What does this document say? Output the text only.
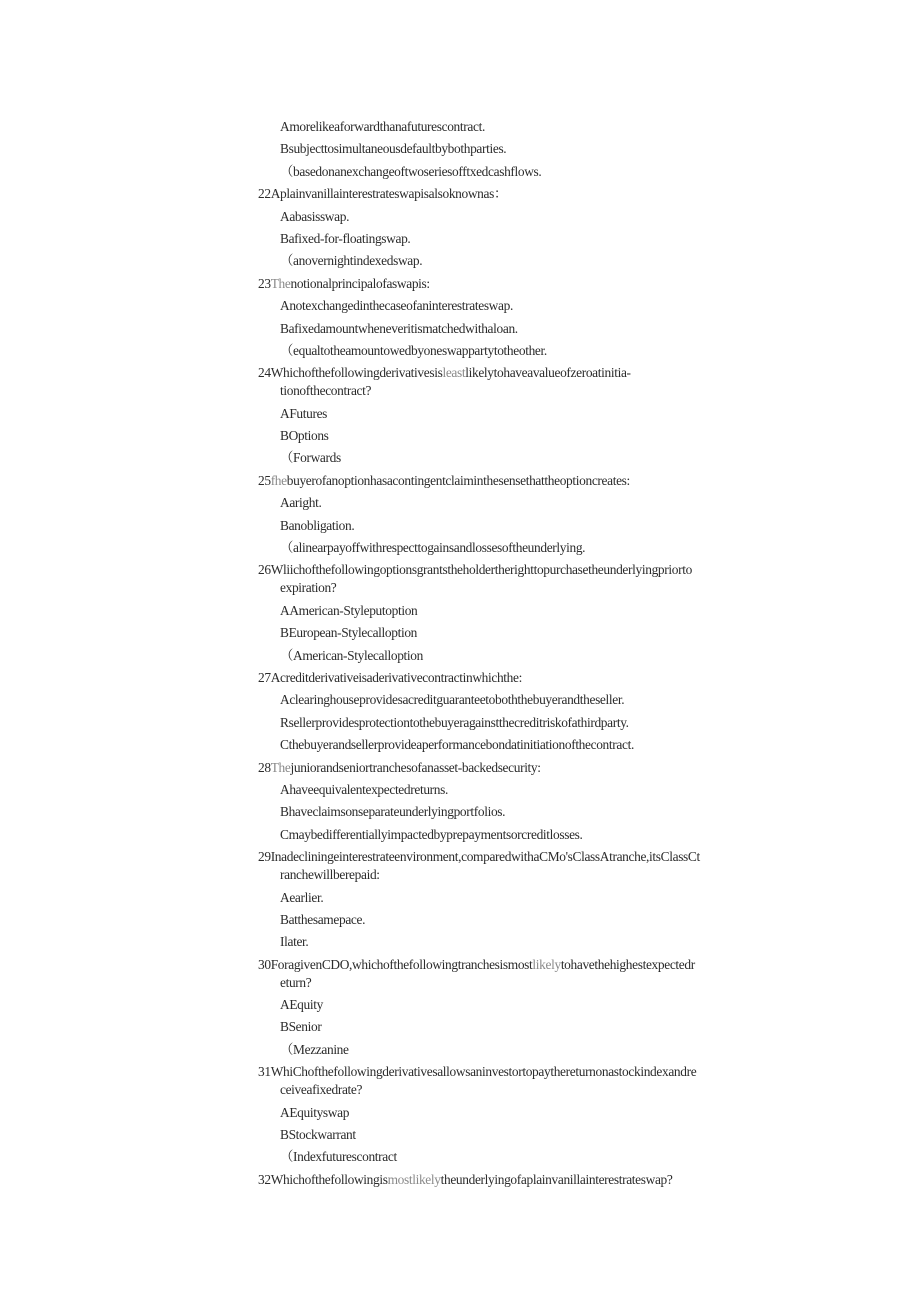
Amorelikeaforwardthanafuturescontract.

Bsubjecttosimultaneousdefaultbybothparties.

（basedonanexchangeoftwoseriesofftxedcashflows.

22Aplainvanillainterestrateswapisalsoknownas：

Aabasisswap.

Bafixed-for-floatingswap.

（anovernightindexedswap.

23Thenotionalprincipalofaswapis:

Anotexchangedinthecaseofaninterestrateswap.

Bafixedamountwheneveritismatchedwithaloan.

（equaltotheamountowedbyoneswappartytotheother.

24Whichofthefollowingderivativesisleastlikelytohaveavalueofzeroatinitia-
tionofthecontract?

AFutures

BOptions

（Forwards

25fhebuyerofanoptionhasacontingentclaiminthesensethattheoptioncreates:

Aaright.

Banobligation.

（alinearpayoffwithrespecttogainsandlossesoftheunderlying.

26Wliichofthefollowingoptionsgrantstheholdertherighttopurchasetheunderlyingpriorto
expiration?

AAmerican-Styleputoption

BEuropean-Stylecalloption

（American-Stylecalloption

27Acreditderivativeisaderivativecontractinwhichthe:

Aclearinghouseprovidesacreditguaranteetoboththebuyerandtheseller.

Rsellerprovidesprotectiontothebuyeragainstthecreditriskofathirdparty.

Cthebuyerandsellerprovideaperformancebondatinitiationofthecontract.

28Thejuniorandseniortranchesofanasset-backedsecurity:

Ahaveequivalentexpectedreturns.

Bhaveclaimsonseparateunderlyingportfolios.

Cmaybedifferentiallyimpactedbyprepaymentsorcreditlosses.

29Inadecliningeinterestrateenvironment,comparedwithaCMo'sClassAtranche,itsClassCt
ranchewillberepaid:

Aearlier.

Batthesamepace.

Ilater.

30ForagivenCDO,whichofthefollowingtranchesismostlikelytohavethehighestexpectedr
eturn?

AEquity

BSenior

（Mezzanine

31WhiChofthefollowingderivativesallowsaninvestortopaythereturnonastockindexandre
ceiveafixedrate?

AEquityswap

BStockwarrant

（Indexfuturescontract

32Whichofthefollowingismostlikelytheunderlyingofaplainvanillainterestrateswap?
